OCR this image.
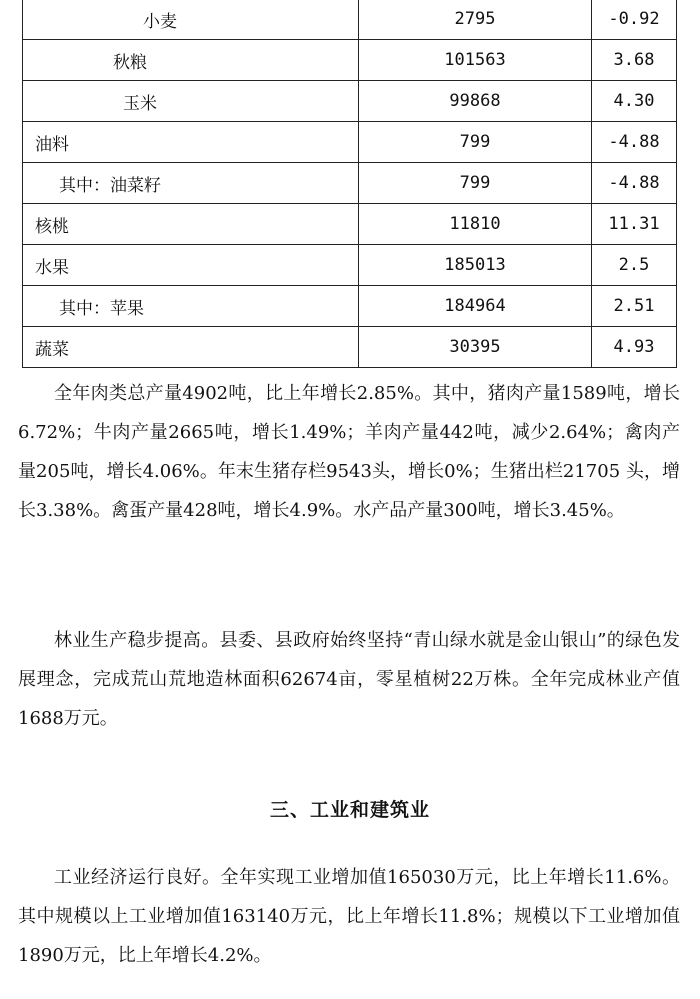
小麦	2795	-0.92
秋粮	101563	3.68
玉米	99868	4.30
油料	799	-4.88
其中：油菜籽	799	-4.88
核桃	11810	11.31
水果	185013	2.5
其中：苹果	184964	2.51
蔬菜	30395	4.93

全年肉类总产量4902吨，比上年增长2.85%。其中，猪肉产量1589吨，增长6.72%；牛肉产量2665吨，增长1.49%；羊肉产量442吨，减少2.64%；禽肉产量205吨，增长4.06%。年末生猪存栏9543头，增长0%；生猪出栏21705 头，增长3.38%。禽蛋产量428吨，增长4.9%。水产品产量300吨，增长3.45%。

林业生产稳步提高。县委、县政府始终坚持“青山绿水就是金山银山”的绿色发展理念，完成荒山荒地造林面积62674亩，零星植树22万株。全年完成林业产值1688万元。

三、工业和建筑业

工业经济运行良好。全年实现工业增加值165030万元，比上年增长11.6%。其中规模以上工业增加值163140万元，比上年增长11.8%；规模以下工业增加值1890万元，比上年增长4.2%。
